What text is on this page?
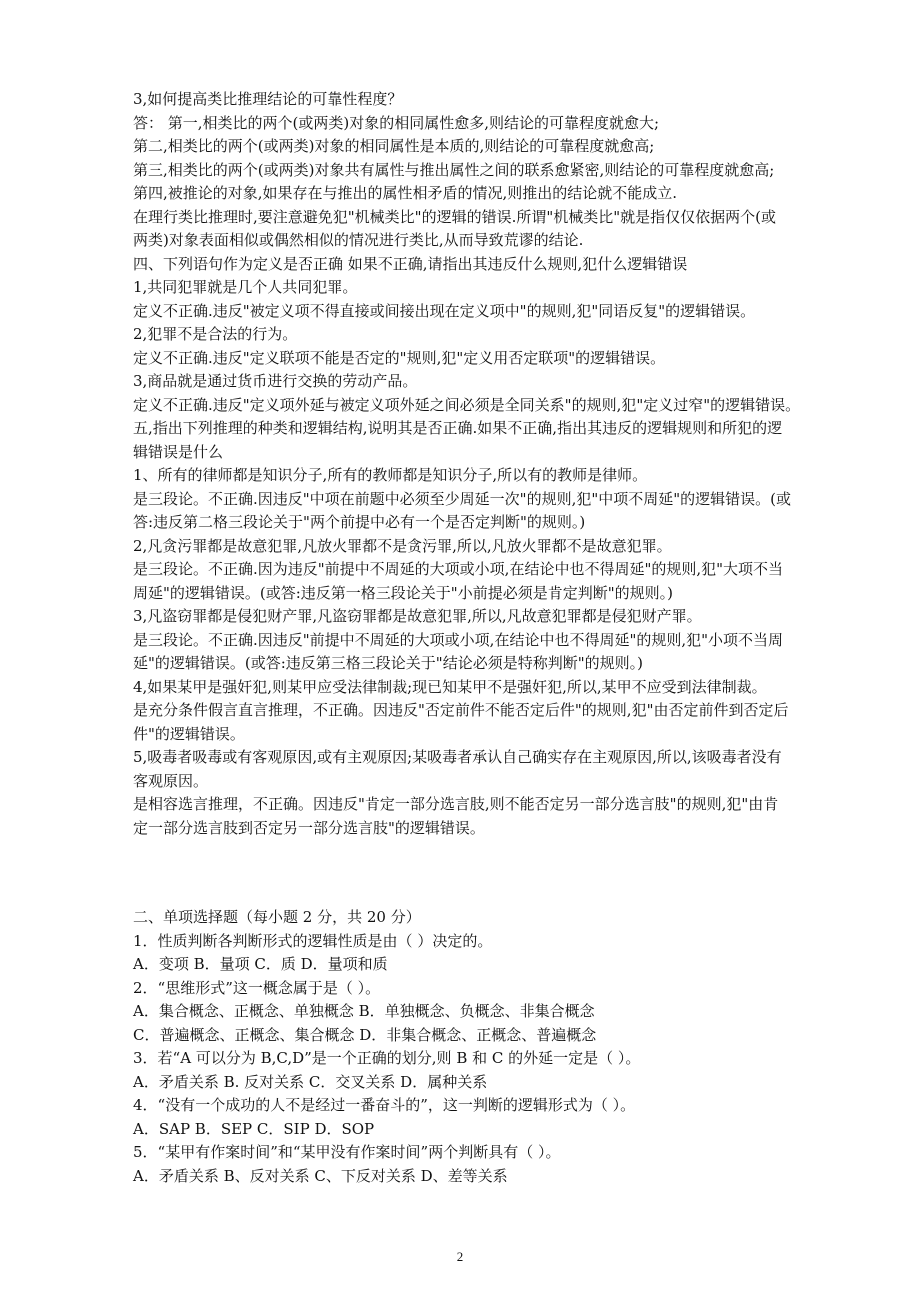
3,如何提高类比推理结论的可靠性程度？
答： 第一,相类比的两个(或两类)对象的相同属性愈多,则结论的可靠程度就愈大;
第二,相类比的两个(或两类)对象的相同属性是本质的,则结论的可靠程度就愈高;
第三,相类比的两个(或两类)对象共有属性与推出属性之间的联系愈紧密,则结论的可靠程度就愈高;
第四,被推论的对象,如果存在与推出的属性相矛盾的情况,则推出的结论就不能成立.
在理行类比推理时,要注意避免犯"机械类比"的逻辑的错误.所谓"机械类比"就是指仅仅依据两个(或
两类)对象表面相似或偶然相似的情况进行类比,从而导致荒谬的结论.
四、下列语句作为定义是否正确 如果不正确,请指出其违反什么规则,犯什么逻辑错误
1,共同犯罪就是几个人共同犯罪。
定义不正确.违反"被定义项不得直接或间接出现在定义项中"的规则,犯"同语反复"的逻辑错误。
2,犯罪不是合法的行为。
定义不正确.违反"定义联项不能是否定的"规则,犯"定义用否定联项"的逻辑错误。
3,商品就是通过货币进行交换的劳动产品。
定义不正确.违反"定义项外延与被定义项外延之间必须是全同关系"的规则,犯"定义过窄"的逻辑错误。
五,指出下列推理的种类和逻辑结构,说明其是否正确.如果不正确,指出其违反的逻辑规则和所犯的逻
辑错误是什么
1、所有的律师都是知识分子,所有的教师都是知识分子,所以有的教师是律师。
是三段论。不正确.因违反"中项在前题中必须至少周延一次"的规则,犯"中项不周延"的逻辑错误。(或
答:违反第二格三段论关于"两个前提中必有一个是否定判断"的规则。)
2,凡贪污罪都是故意犯罪,凡放火罪都不是贪污罪,所以,凡放火罪都不是故意犯罪。
是三段论。不正确.因为违反"前提中不周延的大项或小项,在结论中也不得周延"的规则,犯"大项不当
周延"的逻辑错误。(或答:违反第一格三段论关于"小前提必须是肯定判断"的规则。)
3,凡盗窃罪都是侵犯财产罪,凡盗窃罪都是故意犯罪,所以,凡故意犯罪都是侵犯财产罪。
是三段论。不正确.因违反"前提中不周延的大项或小项,在结论中也不得周延"的规则,犯"小项不当周
延"的逻辑错误。(或答:违反第三格三段论关于"结论必须是特称判断"的规则。)
4,如果某甲是强奸犯,则某甲应受法律制裁;现已知某甲不是强奸犯,所以,某甲不应受到法律制裁。
是充分条件假言直言推理，不正确。因违反"否定前件不能否定后件"的规则,犯"由否定前件到否定后
件"的逻辑错误。
5,吸毒者吸毒或有客观原因,或有主观原因;某吸毒者承认自己确实存在主观原因,所以,该吸毒者没有
客观原因。
是相容选言推理，不正确。因违反"肯定一部分选言肢,则不能否定另一部分选言肢"的规则,犯"由肯
定一部分选言肢到否定另一部分选言肢"的逻辑错误。
二、单项选择题（每小题 2 分，共 20 分）
1．性质判断各判断形式的逻辑性质是由（ ）决定的。
A．变项 B．量项 C．质 D．量项和质
2．“思维形式”这一概念属于是（ ）。
A．集合概念、正概念、单独概念 B．单独概念、负概念、非集合概念
C．普遍概念、正概念、集合概念 D．非集合概念、正概念、普遍概念
3．若“A 可以分为 B,C,D”是一个正确的划分,则 B 和 C 的外延一定是（ ）。
A．矛盾关系 B. 反对关系 C．交叉关系 D．属种关系
4．“没有一个成功的人不是经过一番奋斗的”，这一判断的逻辑形式为（ ）。
A．SAP B．SEP C．SIP D．SOP
5．“某甲有作案时间”和“某甲没有作案时间”两个判断具有（ ）。
A．矛盾关系 B、反对关系 C、下反对关系 D、差等关系
2
